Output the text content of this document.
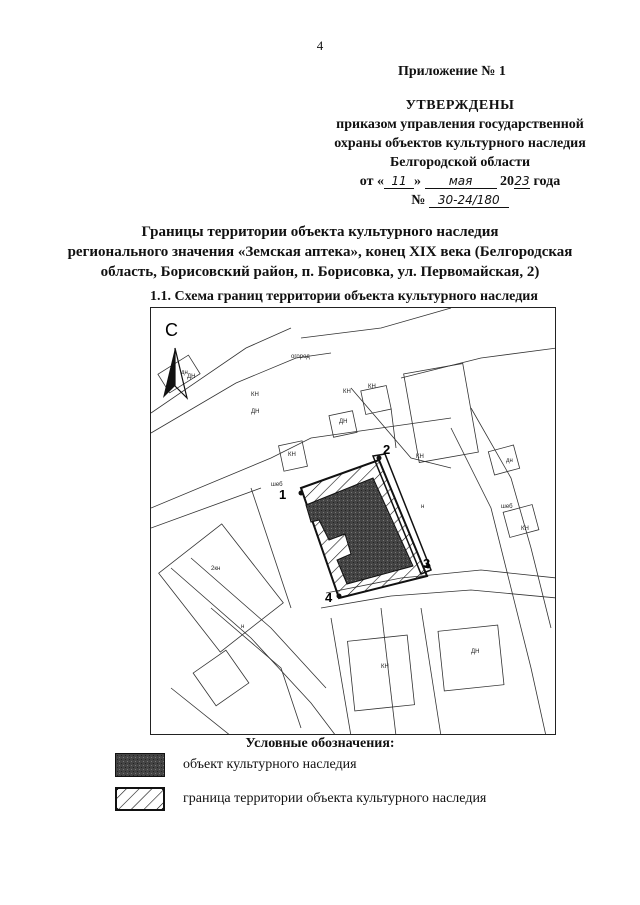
4
Приложение № 1
УТВЕРЖДЕНЫ
приказом управления государственной
охраны объектов культурного наследия
Белгородской области
от « 11 » мая 2023 года
№ 30-24/180
Границы территории объекта культурного наследия
регионального значения «Земская аптека», конец XIX века (Белгородская
область, Борисовский район, п. Борисовка, ул. Первомайская, 2)
1.1. Схема границ территории объекта культурного наследия
1
2
3
4
С
дн
огород
КН
КН
ДН
КН
ДН
КН
КН
дн
шеб
шеб
2кн
КН
ДН
КН
ДН
н
н
Условные обозначения:
объект культурного наследия
граница территории объекта культурного наследия
